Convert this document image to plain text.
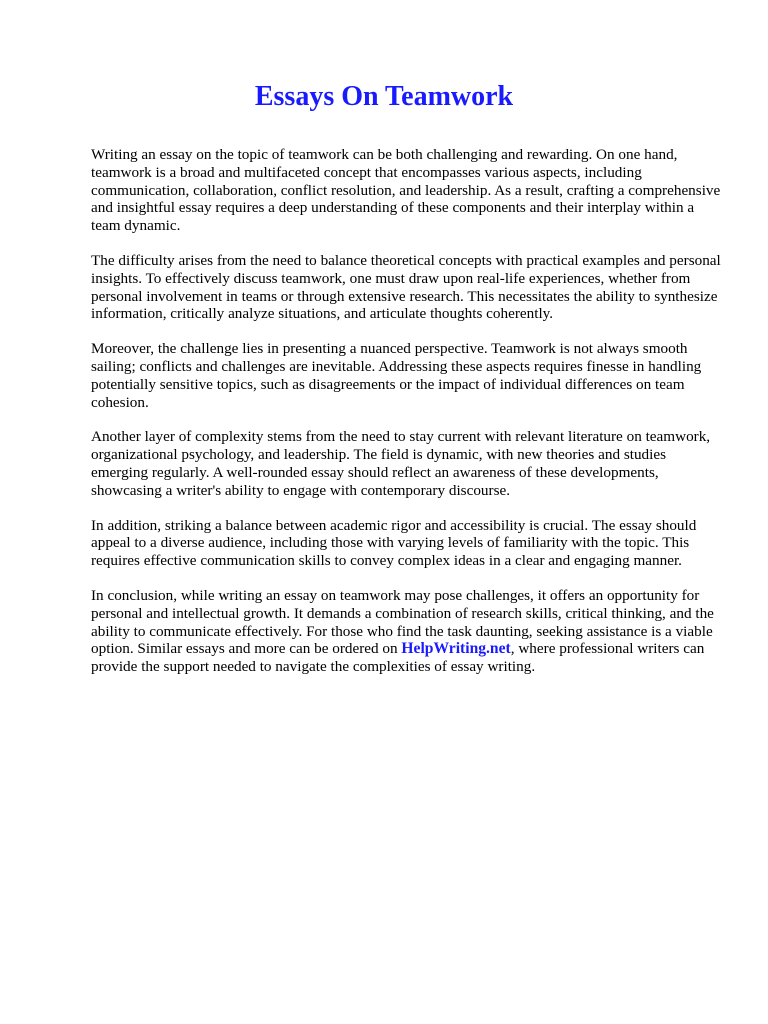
Essays On Teamwork

Writing an essay on the topic of teamwork can be both challenging and rewarding. On one hand, teamwork is a broad and multifaceted concept that encompasses various aspects, including communication, collaboration, conflict resolution, and leadership. As a result, crafting a comprehensive and insightful essay requires a deep understanding of these components and their interplay within a team dynamic.

The difficulty arises from the need to balance theoretical concepts with practical examples and personal insights. To effectively discuss teamwork, one must draw upon real-life experiences, whether from personal involvement in teams or through extensive research. This necessitates the ability to synthesize information, critically analyze situations, and articulate thoughts coherently.

Moreover, the challenge lies in presenting a nuanced perspective. Teamwork is not always smooth sailing; conflicts and challenges are inevitable. Addressing these aspects requires finesse in handling potentially sensitive topics, such as disagreements or the impact of individual differences on team cohesion.

Another layer of complexity stems from the need to stay current with relevant literature on teamwork, organizational psychology, and leadership. The field is dynamic, with new theories and studies emerging regularly. A well-rounded essay should reflect an awareness of these developments, showcasing a writer's ability to engage with contemporary discourse.

In addition, striking a balance between academic rigor and accessibility is crucial. The essay should appeal to a diverse audience, including those with varying levels of familiarity with the topic. This requires effective communication skills to convey complex ideas in a clear and engaging manner.

In conclusion, while writing an essay on teamwork may pose challenges, it offers an opportunity for personal and intellectual growth. It demands a combination of research skills, critical thinking, and the ability to communicate effectively. For those who find the task daunting, seeking assistance is a viable option. Similar essays and more can be ordered on HelpWriting.net, where professional writers can provide the support needed to navigate the complexities of essay writing.
